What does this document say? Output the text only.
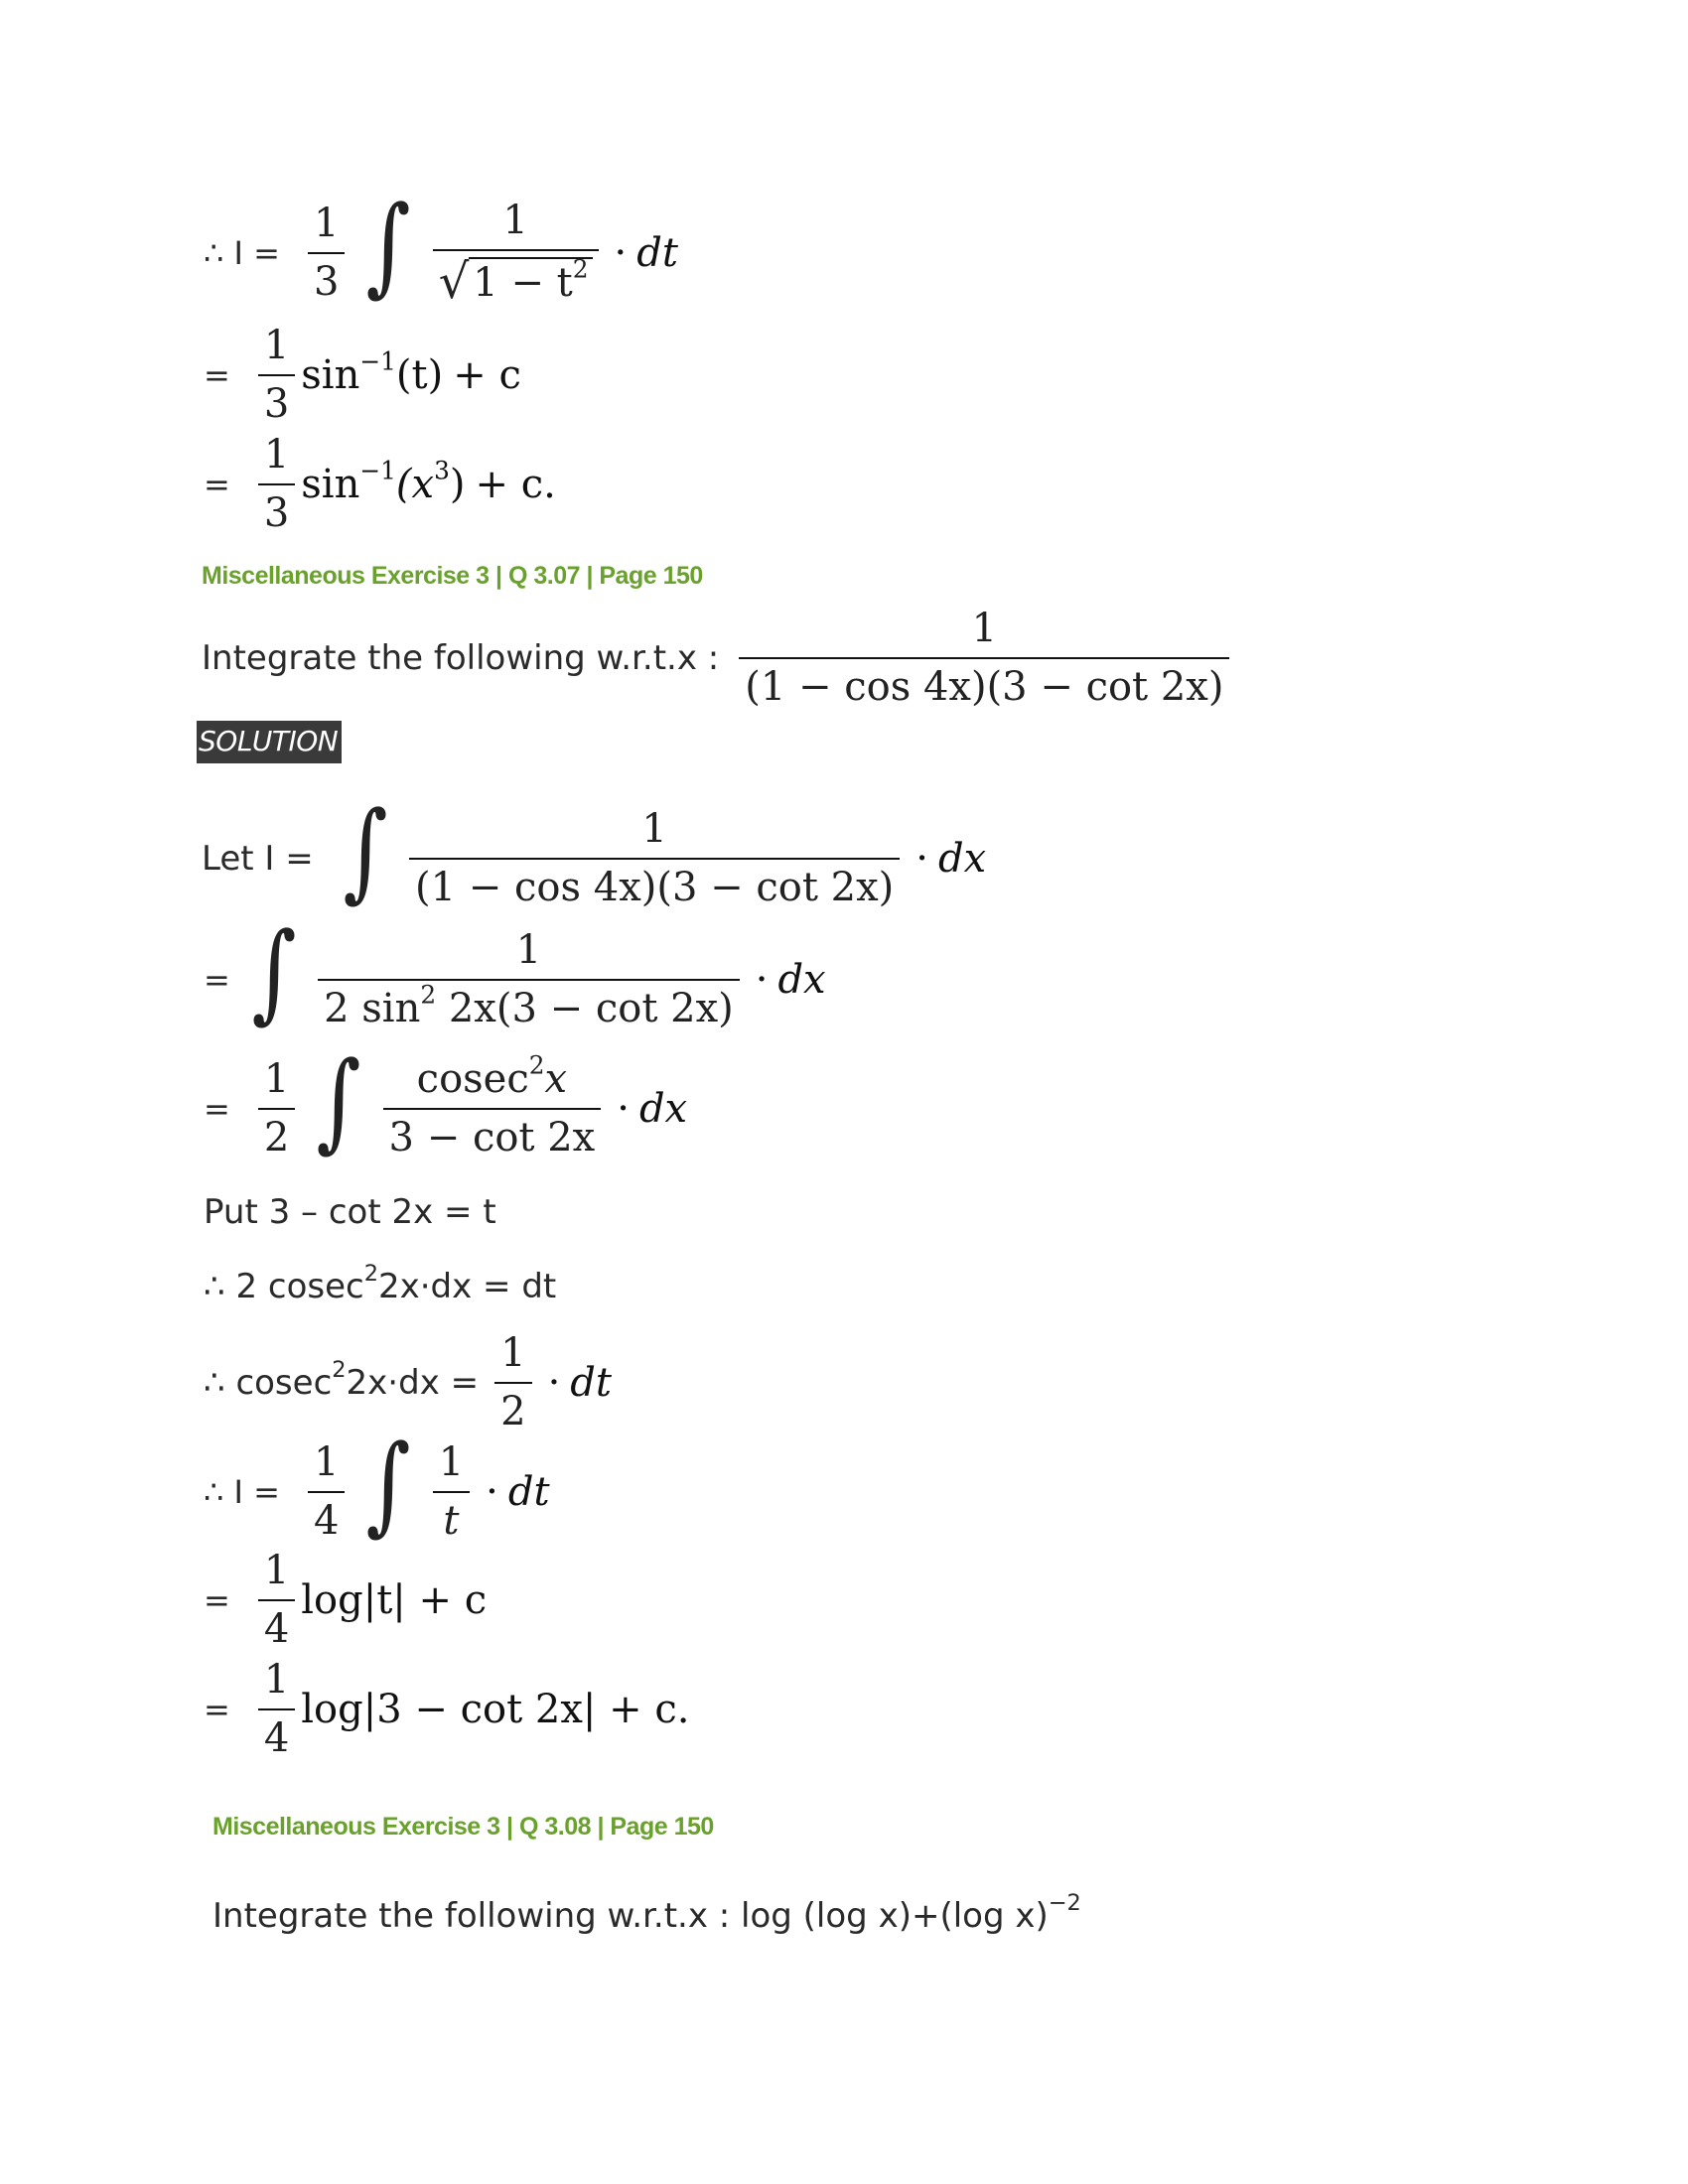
∴ $I = \frac{1}{3}$ ∫ $\frac{1}{√ 1 - t^2}$ · dt
= $\frac{1}{3}$ sin $^{-1}$ (t) + c
= $\frac{1}{3}$ sin $^{-1}$ (x $^3$ ) + c.
Miscellaneous Exercise 3 | Q 3.07 | Page 150
Integrate the following w.r.t.x : $\frac{1}{(1 - \cos 4x)(3 - \cot 2x)}$
SOLUTION
Let I = ∫ $\frac{1}{(1 - \cos 4x)(3 - \cot 2x)}$ · dx
= ∫ $\frac{1}{2 \sin^2 2x(3 - \cot 2x)}$ · dx
= $\frac{1}{2}$ ∫ $\frac{cosec^2x}{3 - \cot 2x}$ · dx
Put 3 – cot 2x = t
∴ 2 cosec$^2$2x·dx = dt
∴ $cosec^22x\cdot dx = \frac{1}{2}$ · dt
∴ $I = \frac{1}{4}$ ∫ $\frac{1}{t}$ · dt
= $\frac{1}{4} \log|t| + c$
= $\frac{1}{4} \log|3 - \cot 2x| + c$.
Miscellaneous Exercise 3 | Q 3.08 | Page 150
Integrate the following w.r.t.x : log (log x)+(log x)$^{-2}$
